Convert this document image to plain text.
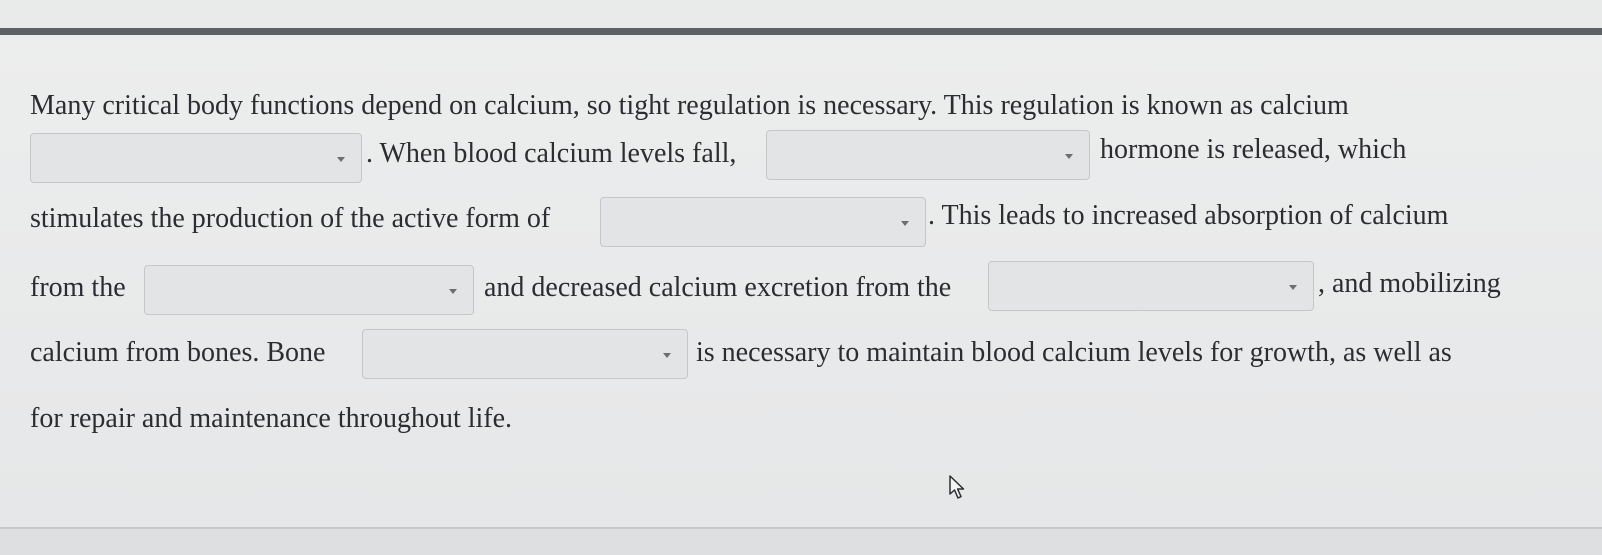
Many critical body functions depend on calcium, so tight regulation is necessary. This regulation is known as calcium
. When blood calcium levels fall,	hormone is released, which
stimulates the production of the active form of	. This leads to increased absorption of calcium
from the	and decreased calcium excretion from the	, and mobilizing
calcium from bones. Bone	is necessary to maintain blood calcium levels for growth, as well as
for repair and maintenance throughout life.
